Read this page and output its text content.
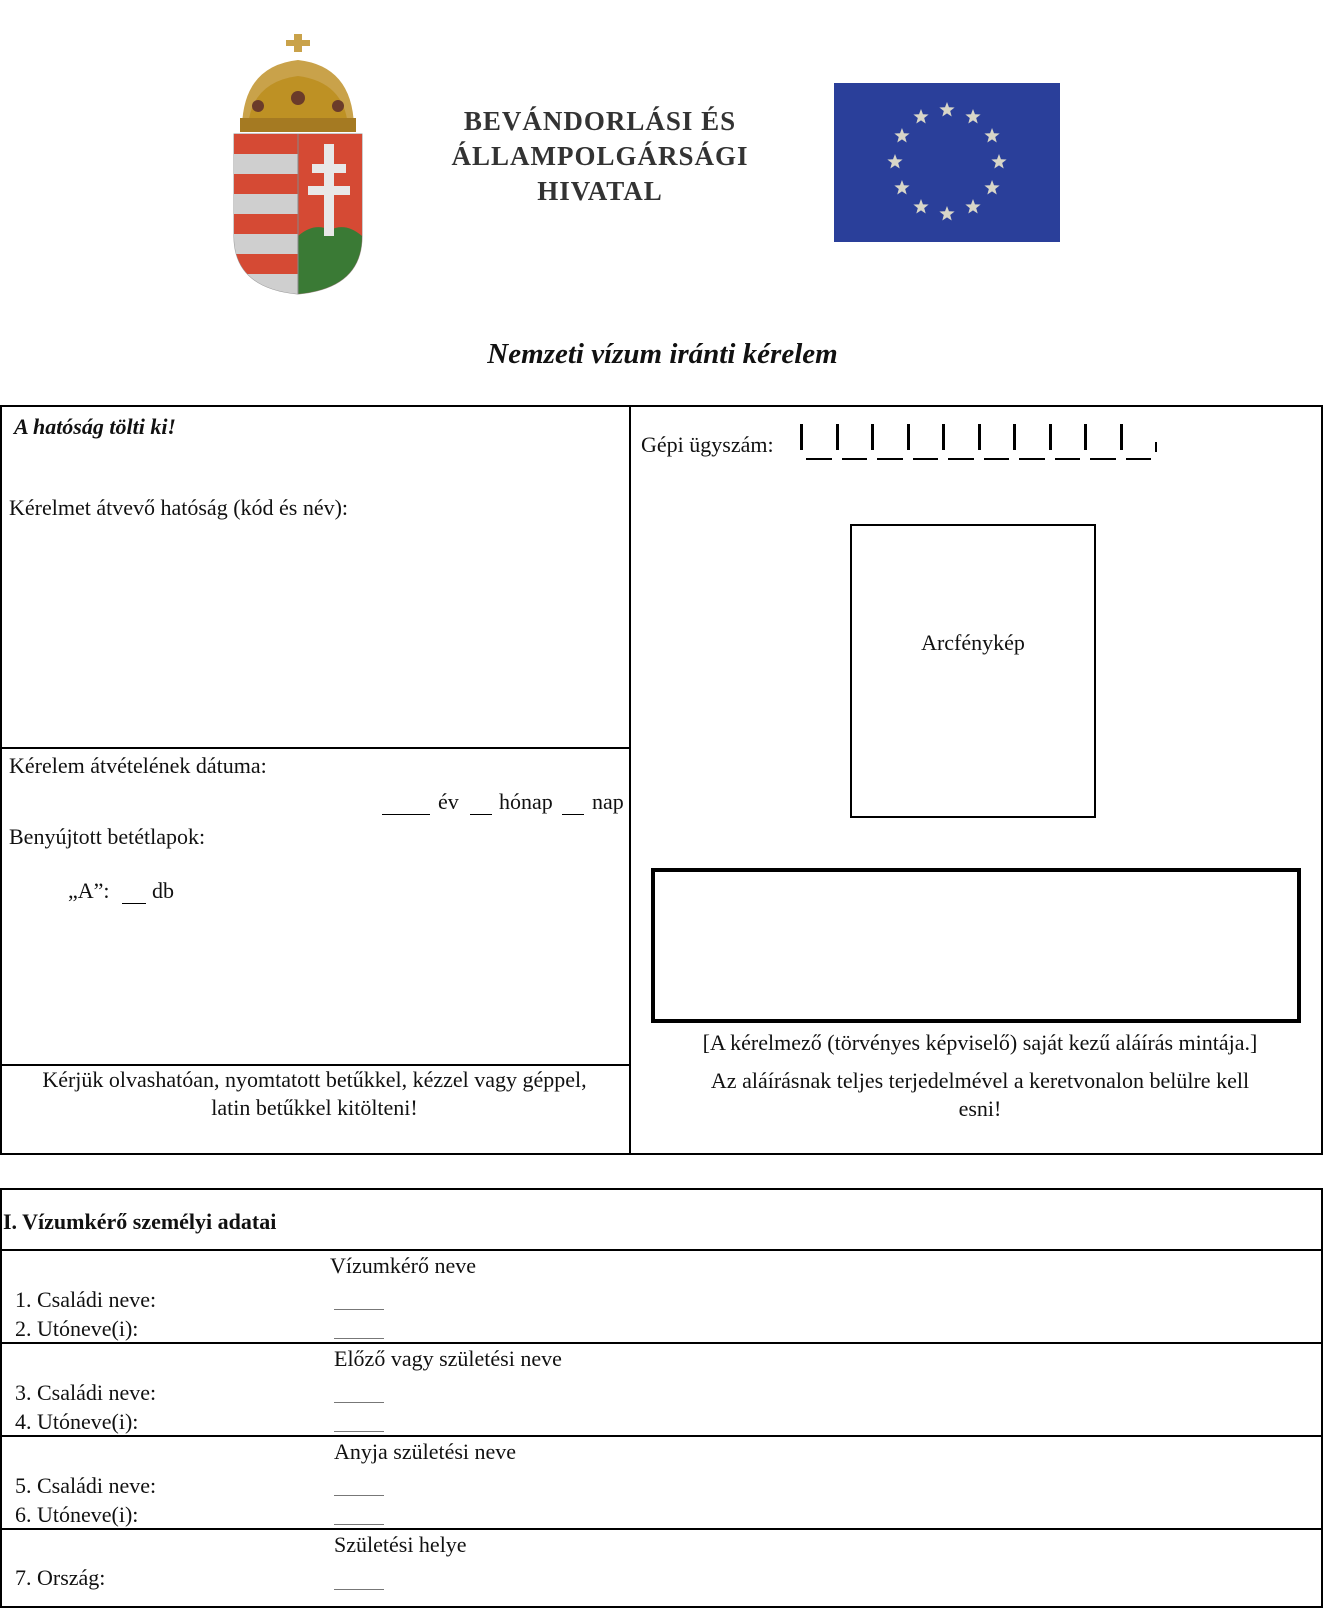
BEVÁNDORLÁSI ÉS
ÁLLAMPOLGÁRSÁGI
HIVATAL
Nemzeti vízum iránti kérelem
A hatóság tölti ki!
Kérelmet átvevő hatóság (kód és név):
Kérelem átvételének dátuma:
év hónap nap
Benyújtott betétlapok:
„A”: db
Kérjük olvashatóan, nyomtatott betűkkel, kézzel vagy géppel,
latin betűkkel kitölteni!
Gépi ügyszám:
Arcfénykép
[A kérelmező (törvényes képviselő) saját kezű aláírás mintája.]
Az aláírásnak teljes terjedelmével a keretvonalon belülre kell
esni!
I. Vízumkérő személyi adatai
Vízumkérő neve
1. Családi neve:
2. Utóneve(i):
Előző vagy születési neve
3. Családi neve:
4. Utóneve(i):
Anyja születési neve
5. Családi neve:
6. Utóneve(i):
Születési helye
7. Ország:
